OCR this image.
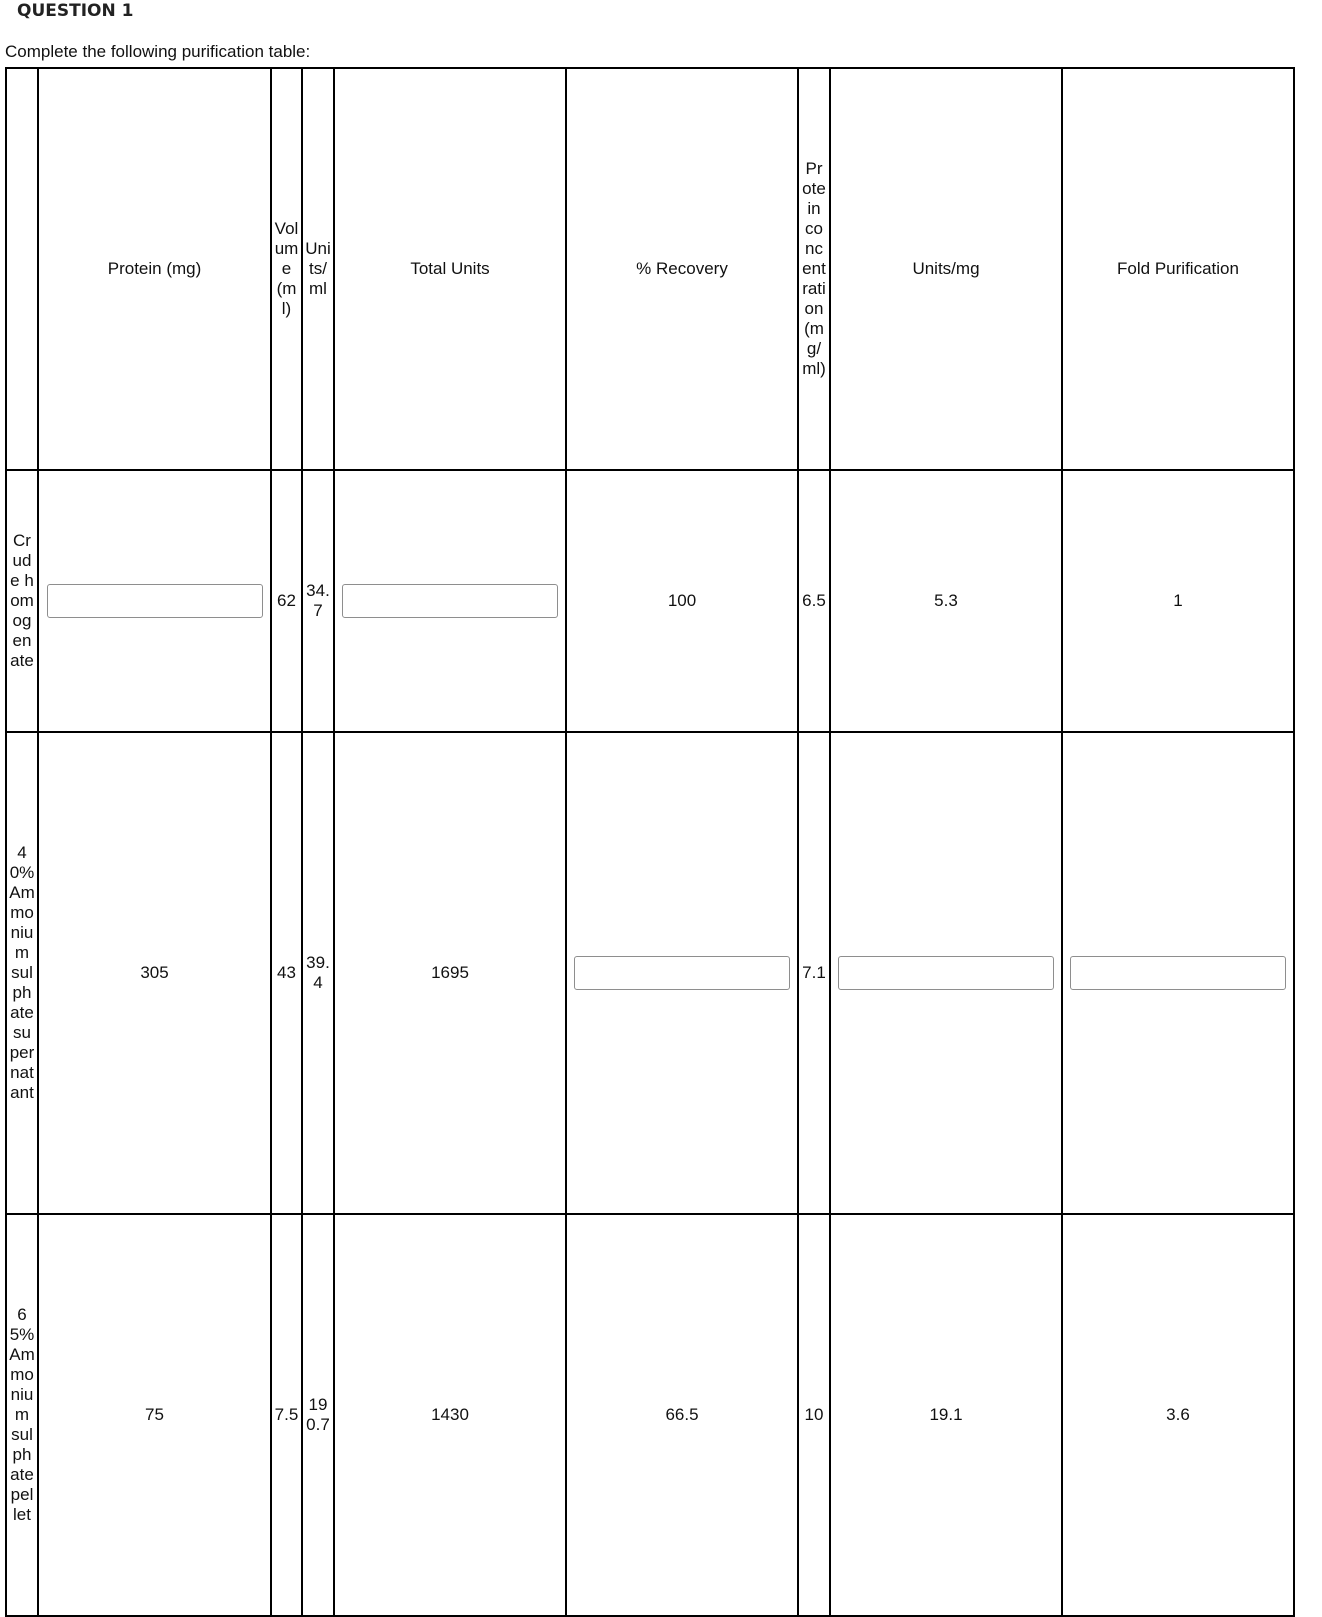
QUESTION 1
Complete the following purification table:
	Protein (mg)	Volume (ml)	Units/ml	Total Units	% Recovery	Protein concentration (mg/ml)	Units/mg	Fold Purification
Crude homogenate		62	34.7		100	6.5	5.3	1
40% Ammonium sulphate supernatant	305	43	39.4	1695		7.1	

65% Ammonium sulphate pellet	75	7.5	190.7	1430	66.5	10	19.1	3.6
